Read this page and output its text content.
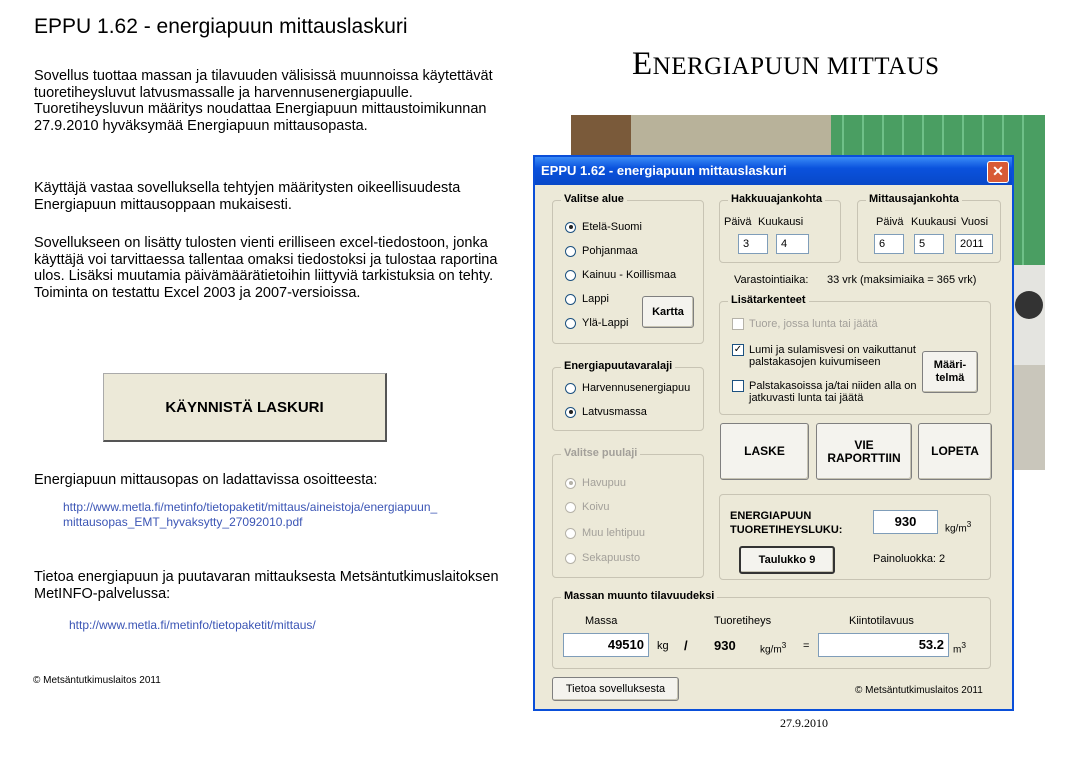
EPPU 1.62 - energiapuun mittauslaskuri
Sovellus tuottaa massan ja tilavuuden välisissä muunnoissa käytettävät tuoretiheysluvut latvusmassalle ja harvennusenergiapuulle. Tuoretiheysluvun määritys noudattaa Energiapuun mittaustoimikunnan 27.9.2010 hyväksymää Energiapuun mittausopasta.
Käyttäjä vastaa sovelluksella tehtyjen määritysten oikeellisuudesta Energiapuun mittausoppaan mukaisesti.
Sovellukseen on lisätty tulosten vienti erilliseen excel-tiedostoon, jonka käyttäjä voi tarvittaessa tallentaa omaksi tiedostoksi ja tulostaa raportina ulos. Lisäksi muutamia päivämäärätietoihin liittyviä tarkistuksia on tehty. Toiminta on testattu Excel 2003 ja 2007-versioissa.
KÄYNNISTÄ LASKURI
Energiapuun mittausopas on ladattavissa osoitteesta:
http://www.metla.fi/metinfo/tietopaketit/mittaus/aineistoja/energiapuun_ mittausopas_EMT_hyvaksytty_27092010.pdf
Tietoa energiapuun ja puutavaran mittauksesta Metsäntutkimuslaitoksen MetINFO-palvelussa:
http://www.metla.fi/metinfo/tietopaketit/mittaus/
© Metsäntutkimuslaitos 2011
ENERGIAPUUN MITTAUS
27.9.2010
EPPU 1.62 - energiapuun mittauslaskuri	✕
Valitse alue
Etelä-Suomi
Pohjanmaa
Kainuu - Koillismaa
Lappi
Ylä-Lappi
Kartta
Energiapuutavaralaji
Harvennusenergiapuu
Latvusmassa
Valitse puulaji
Havupuu
Koivu
Muu lehtipuu
Sekapuusto
Hakkuuajankohta
Päivä Kuukausi
3	4
Mittausajankohta
Päivä Kuukausi Vuosi
6	5	2011
Varastointiaika: 33 vrk (maksimiaika = 365 vrk)
Lisätarkenteet
Tuore, jossa lunta tai jäätä
✓ Lumi ja sulamisvesi on vaikuttanut palstakasojen kuivumiseen
Palstakasoissa ja/tai niiden alla on jatkuvasti lunta tai jäätä
Määri-telmä
LASKE	VIE RAPORTTIIN	LOPETA
ENERGIAPUUN TUORETIHEYSLUKU:
930	$kg/m^3$
Taulukko 9	Painoluokka: 2
Massan muunto tilavuudeksi
Massa	Tuoretiheys	Kiintotilavuus
49510	kg / 930 $kg/m^3$ =	53.2 $m^3$
Tietoa sovelluksesta	© Metsäntutkimuslaitos 2011
